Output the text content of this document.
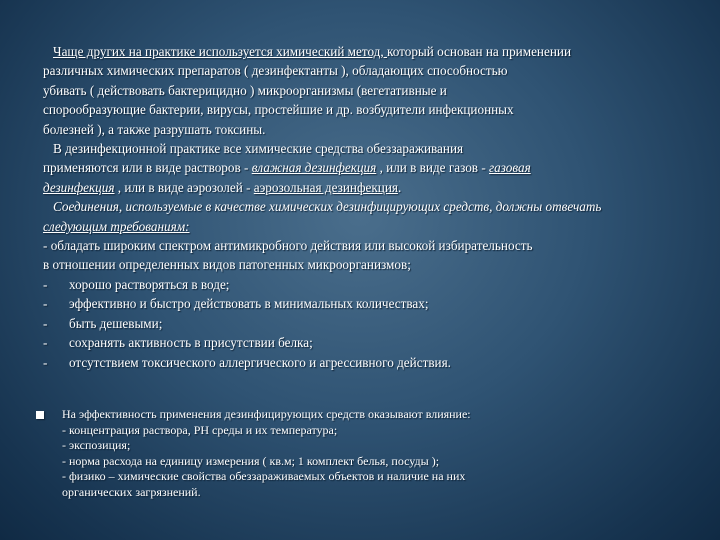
Чаще других на практике используется химический метод, который основан на применении

различных химических препаратов ( дезинфектанты ), обладающих способностью

убивать ( действовать бактерицидно ) микроорганизмы (вегетативные и

спорообразующие бактерии, вирусы, простейшие и др. возбудители инфекционных

болезней ), а также разрушать токсины.

В дезинфекционной практике все химические средства обеззараживания

применяются или в виде растворов - влажная дезинфекция , или в виде газов - газовая

дезинфекция , или в виде аэрозолей - аэрозольная дезинфекция.

Соединения, используемые в качестве химических дезинфицирующих средств, должны отвечать

следующим требованиям:

- обладать широким спектром антимикробного действия или высокой избирательность

в отношении определенных видов патогенных микроорганизмов;

-	хорошо растворяться в воде;

-	эффективно и быстро действовать в минимальных количествах;

-	быть дешевыми;

-	сохранять активность в присутствии белка;

-	отсутствием токсического аллергического и агрессивного действия.

На эффективность применения дезинфицирующих средств оказывают влияние:

- концентрация раствора, РН среды и их температура;

- экспозиция;

- норма расхода на единицу измерения ( кв.м; 1 комплект белья, посуды );

- физико – химические свойства обеззараживаемых объектов и наличие на них

органических загрязнений.
